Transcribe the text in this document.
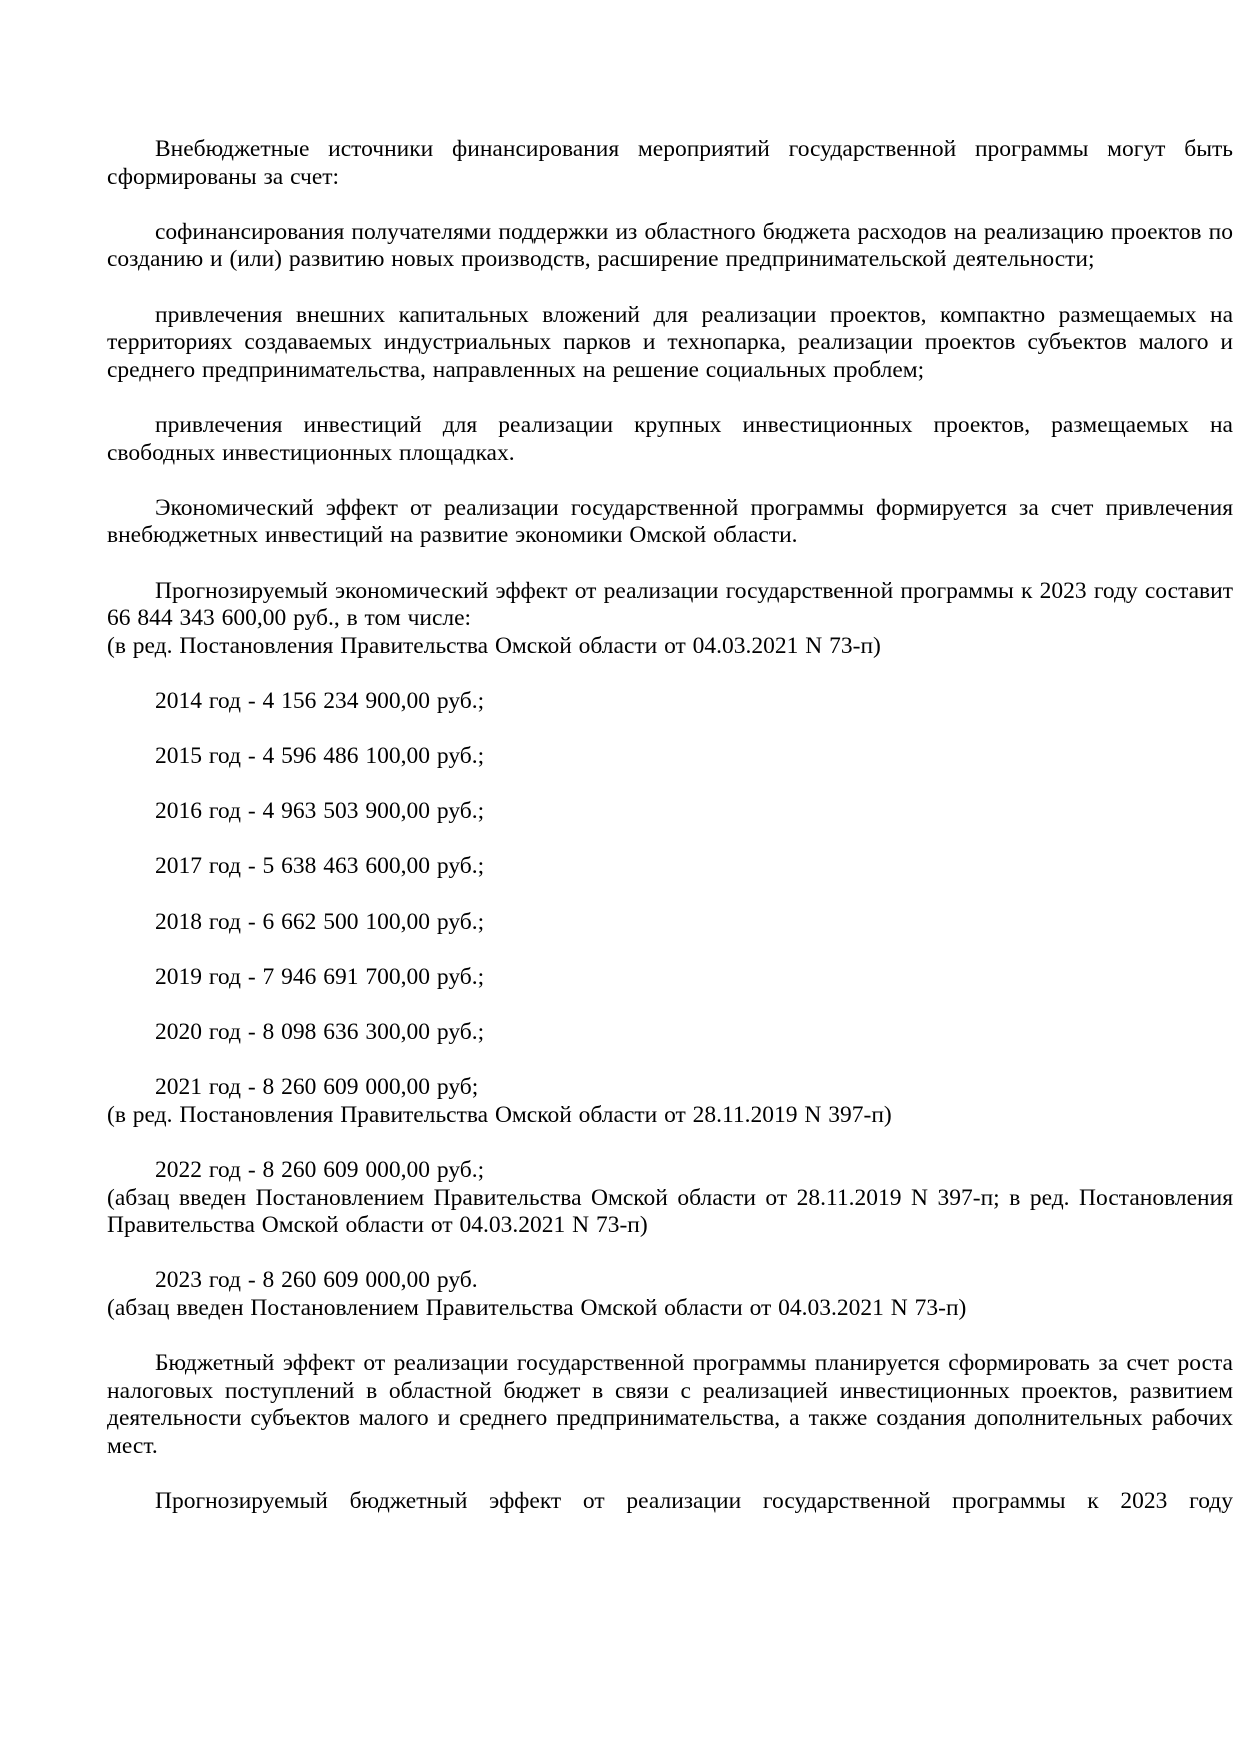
Внебюджетные источники финансирования мероприятий государственной программы могут быть сформированы за счет:

софинансирования получателями поддержки из областного бюджета расходов на реализацию проектов по созданию и (или) развитию новых производств, расширение предпринимательской деятельности;

привлечения внешних капитальных вложений для реализации проектов, компактно размещаемых на территориях создаваемых индустриальных парков и технопарка, реализации проектов субъектов малого и среднего предпринимательства, направленных на решение социальных проблем;

привлечения инвестиций для реализации крупных инвестиционных проектов, размещаемых на свободных инвестиционных площадках.

Экономический эффект от реализации государственной программы формируется за счет привлечения внебюджетных инвестиций на развитие экономики Омской области.

Прогнозируемый экономический эффект от реализации государственной программы к 2023 году составит 66 844 343 600,00 руб., в том числе:

(в ред. Постановления Правительства Омской области от 04.03.2021 N 73-п)

2014 год - 4 156 234 900,00 руб.;

2015 год - 4 596 486 100,00 руб.;

2016 год - 4 963 503 900,00 руб.;

2017 год - 5 638 463 600,00 руб.;

2018 год - 6 662 500 100,00 руб.;

2019 год - 7 946 691 700,00 руб.;

2020 год - 8 098 636 300,00 руб.;

2021 год - 8 260 609 000,00 руб;

(в ред. Постановления Правительства Омской области от 28.11.2019 N 397-п)

2022 год - 8 260 609 000,00 руб.;

(абзац введен Постановлением Правительства Омской области от 28.11.2019 N 397-п; в ред. Постановления Правительства Омской области от 04.03.2021 N 73-п)

2023 год - 8 260 609 000,00 руб.

(абзац введен Постановлением Правительства Омской области от 04.03.2021 N 73-п)

Бюджетный эффект от реализации государственной программы планируется сформировать за счет роста налоговых поступлений в областной бюджет в связи с реализацией инвестиционных проектов, развитием деятельности субъектов малого и среднего предпринимательства, а также создания дополнительных рабочих мест.

Прогнозируемый бюджетный эффект от реализации государственной программы к 2023 году
